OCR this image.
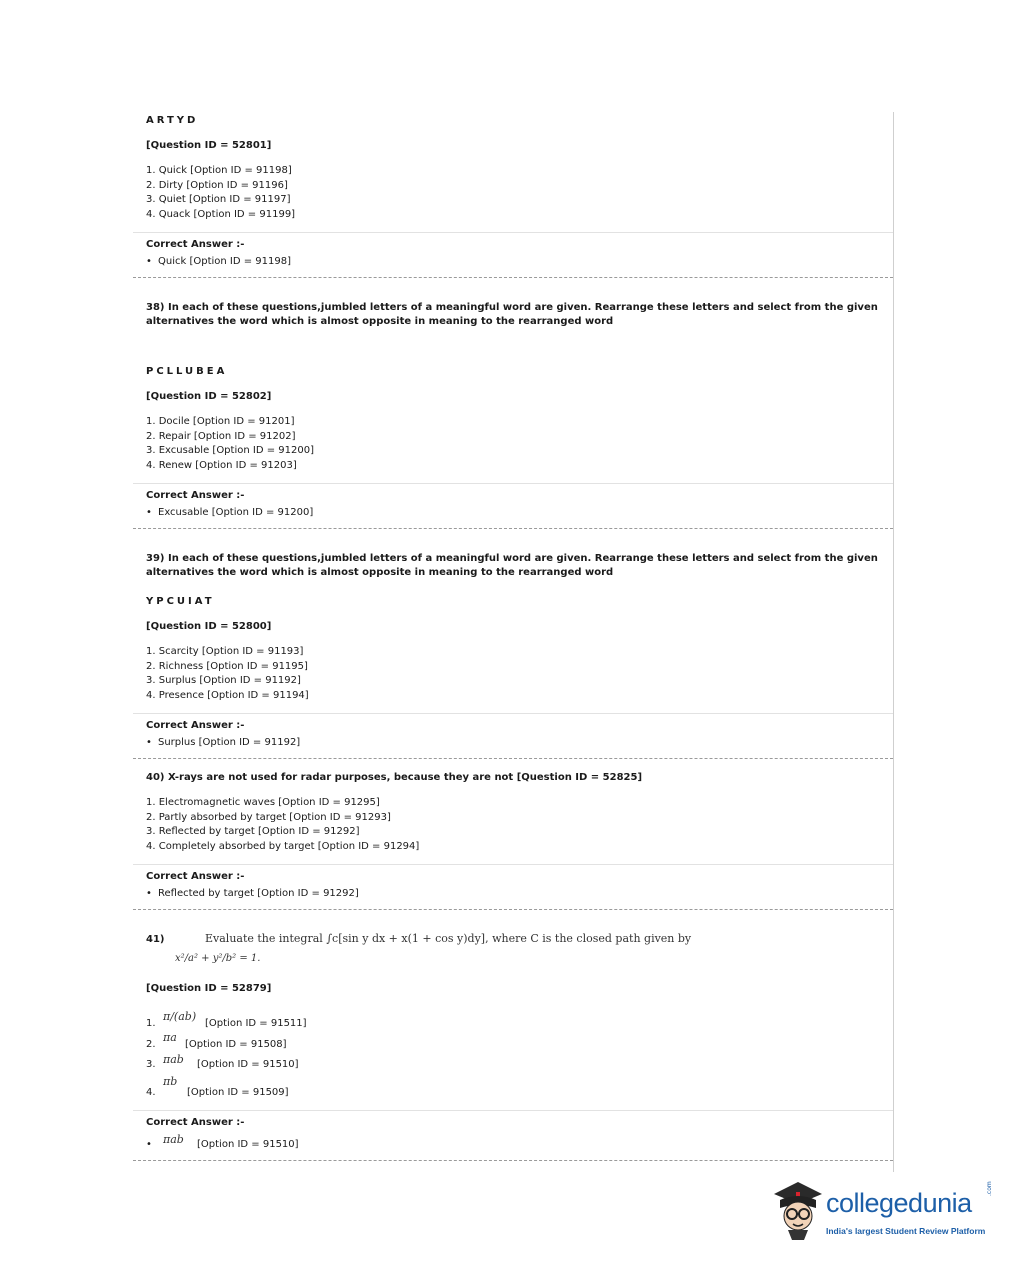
ARTYD
[Question ID = 52801]
1. Quick [Option ID = 91198]
2. Dirty [Option ID = 91196]
3. Quiet [Option ID = 91197]
4. Quack [Option ID = 91199]
Correct Answer :-
• Quick [Option ID = 91198]
38) In each of these questions,jumbled letters of a meaningful word are given. Rearrange these letters and select from the given
alternatives the word which is almost opposite in meaning to the rearranged word
PCLLUBEA
[Question ID = 52802]
1. Docile [Option ID = 91201]
2. Repair [Option ID = 91202]
3. Excusable [Option ID = 91200]
4. Renew [Option ID = 91203]
Correct Answer :-
• Excusable [Option ID = 91200]
39) In each of these questions,jumbled letters of a meaningful word are given. Rearrange these letters and select from the given
alternatives the word which is almost opposite in meaning to the rearranged word
YPCUIAT
[Question ID = 52800]
1. Scarcity [Option ID = 91193]
2. Richness [Option ID = 91195]
3. Surplus [Option ID = 91192]
4. Presence [Option ID = 91194]
Correct Answer :-
• Surplus [Option ID = 91192]
40) X-rays are not used for radar purposes, because they are not [Question ID = 52825]
1. Electromagnetic waves [Option ID = 91295]
2. Partly absorbed by target [Option ID = 91293]
3. Reflected by target [Option ID = 91292]
4. Completely absorbed by target [Option ID = 91294]
Correct Answer :-
• Reflected by target [Option ID = 91292]
41)	Evaluate the integral ∫c[sin y dx + x(1 + cos y)dy], where C is the closed path given by
x²/a² + y²/b² = 1.
[Question ID = 52879]
1.
π/(ab)
[Option ID = 91511]
2.
πa
[Option ID = 91508]
3. πab [Option ID = 91510]
4.
πb
[Option ID = 91509]
Correct Answer :-
•
πab [Option ID = 91510]
collegedunia .com
India's largest Student Review Platform
